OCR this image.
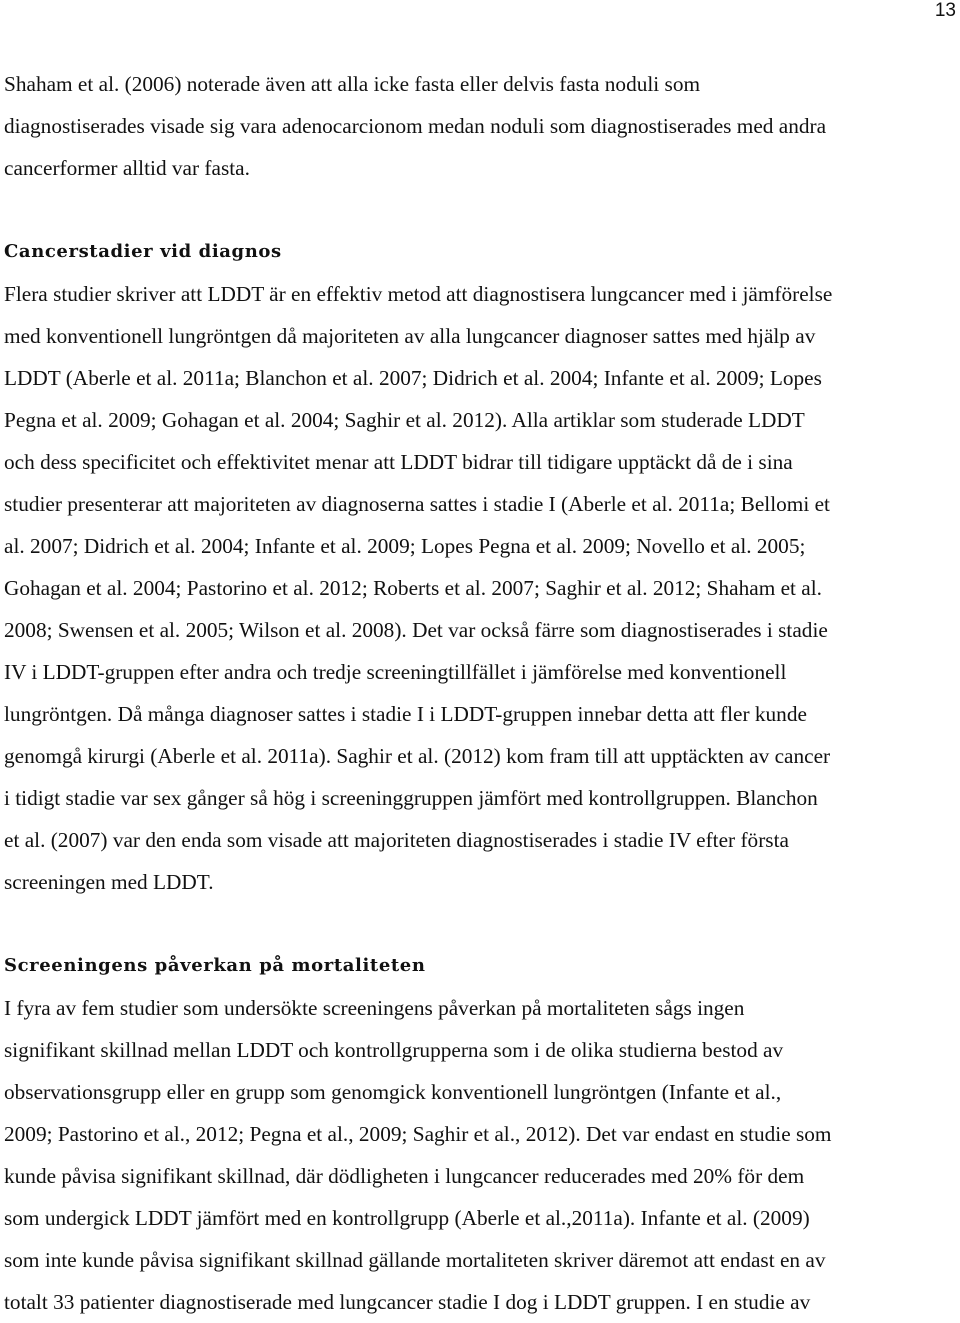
13

Shaham et al. (2006) noterade även att alla icke fasta eller delvis fasta noduli som
diagnostiserades visade sig vara adenocarcionom medan noduli som diagnostiserades med andra
cancerformer alltid var fasta.

Cancerstadier vid diagnos

Flera studier skriver att LDDT är en effektiv metod att diagnostisera lungcancer med i jämförelse
med konventionell lungröntgen då majoriteten av alla lungcancer diagnoser sattes med hjälp av
LDDT (Aberle et al. 2011a; Blanchon et al. 2007; Didrich et al. 2004; Infante et al. 2009; Lopes
Pegna et al. 2009; Gohagan et al. 2004; Saghir et al. 2012). Alla artiklar som studerade LDDT
och dess specificitet och effektivitet menar att LDDT bidrar till tidigare upptäckt då de i sina
studier presenterar att majoriteten av diagnoserna sattes i stadie I (Aberle et al. 2011a; Bellomi et
al. 2007; Didrich et al. 2004; Infante et al. 2009; Lopes Pegna et al. 2009; Novello et al. 2005;
Gohagan et al. 2004; Pastorino et al. 2012; Roberts et al. 2007; Saghir et al. 2012; Shaham et al.
2008; Swensen et al. 2005; Wilson et al. 2008). Det var också färre som diagnostiserades i stadie
IV i LDDT-gruppen efter andra och tredje screeningtillfället i jämförelse med konventionell
lungröntgen. Då många diagnoser sattes i stadie I i LDDT-gruppen innebar detta att fler kunde
genomgå kirurgi (Aberle et al. 2011a). Saghir et al. (2012) kom fram till att upptäckten av cancer
i tidigt stadie var sex gånger så hög i screeninggruppen jämfört med kontrollgruppen. Blanchon
et al. (2007) var den enda som visade att majoriteten diagnostiserades i stadie IV efter första
screeningen med LDDT.

Screeningens påverkan på mortaliteten

I fyra av fem studier som undersökte screeningens påverkan på mortaliteten sågs ingen
signifikant skillnad mellan LDDT och kontrollgrupperna som i de olika studierna bestod av
observationsgrupp eller en grupp som genomgick konventionell lungröntgen (Infante et al.,
2009; Pastorino et al., 2012; Pegna et al., 2009; Saghir et al., 2012). Det var endast en studie som
kunde påvisa signifikant skillnad, där dödligheten i lungcancer reducerades med 20% för dem
som undergick LDDT jämfört med en kontrollgrupp (Aberle et al.,2011a). Infante et al. (2009)
som inte kunde påvisa signifikant skillnad gällande mortaliteten skriver däremot att endast en av
totalt 33 patienter diagnostiserade med lungcancer stadie I dog i LDDT gruppen. I en studie av
